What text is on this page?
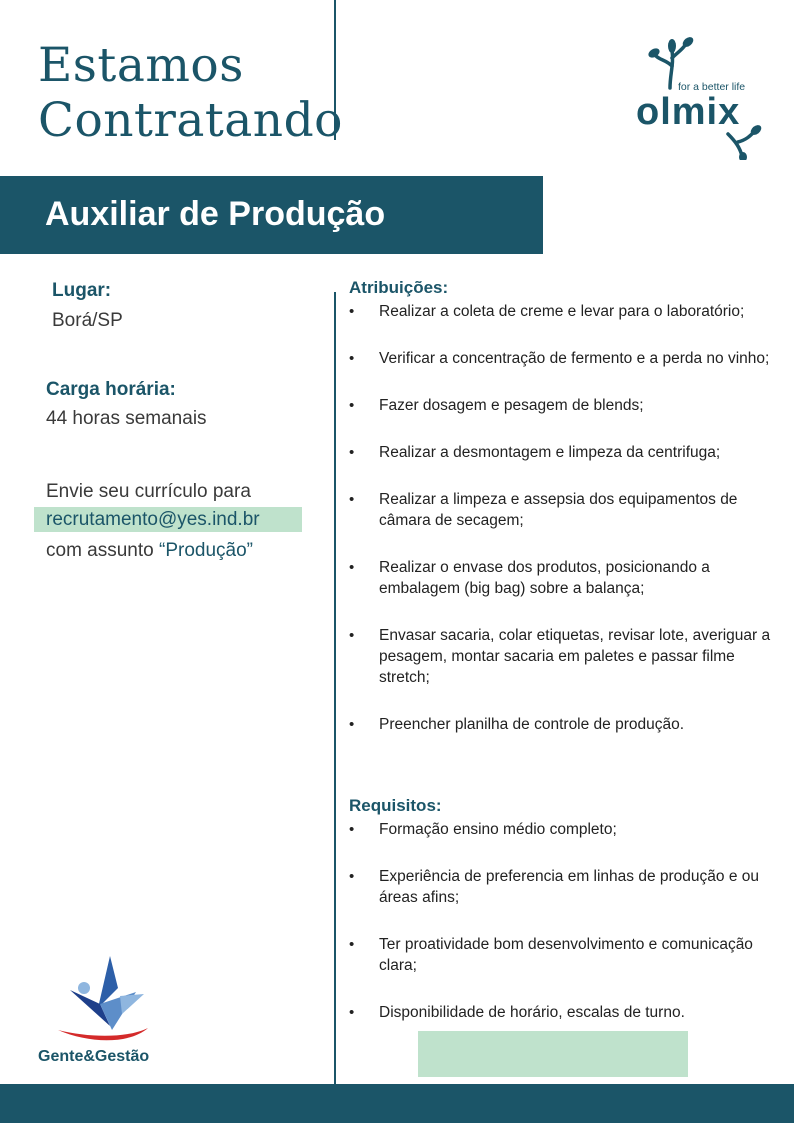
Estamos
Contratando
for a better life
olmix
Auxiliar de Produção
Lugar:
Borá/SP
Carga horária:
44 horas semanais
Envie seu currículo para
recrutamento@yes.ind.br
com assunto “Produção”
Atribuições:
• Realizar a coleta de creme e levar para o laboratório;
• Verificar a concentração de fermento e a perda no vinho;
• Fazer dosagem e pesagem de blends;
• Realizar a desmontagem e limpeza da centrifuga;
• Realizar a limpeza e assepsia dos equipamentos de câmara de secagem;
• Realizar o envase dos produtos, posicionando a embalagem (big bag) sobre a balança;
• Envasar sacaria, colar etiquetas, revisar lote, averiguar a pesagem, montar sacaria em paletes e passar filme stretch;
• Preencher planilha de controle de produção.
Requisitos:
• Formação ensino médio completo;
• Experiência de preferencia em linhas de produção e ou áreas afins;
• Ter proatividade bom desenvolvimento e comunicação clara;
• Disponibilidade de horário, escalas de turno.
Gente&Gestão
